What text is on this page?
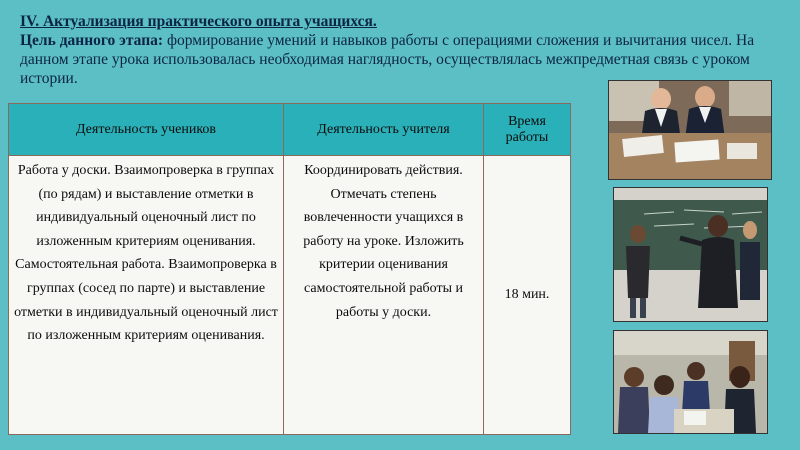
IV. Актуализация практического опыта учащихся.
Цель данного этапа: формирование умений и навыков работы с операциями сложения и вычитания чисел. На данном этапе урока использовалась необходимая наглядность, осуществлялась межпредметная связь с уроком истории.
Деятельность учеников	Деятельность учителя	Время работы
Работа у доски. Взаимопроверка в группах (по рядам) и выставление отметки в индивидуальный оценочный лист по изложенным критериям оценивания. Самостоятельная работа. Взаимопроверка в группах (сосед по парте) и выставление отметки в индивидуальный оценочный лист по изложенным критериям оценивания.	Координировать действия. Отмечать степень вовлеченности учащихся в работу на уроке. Изложить критерии оценивания самостоятельной работы и работы у доски.	18 мин.
